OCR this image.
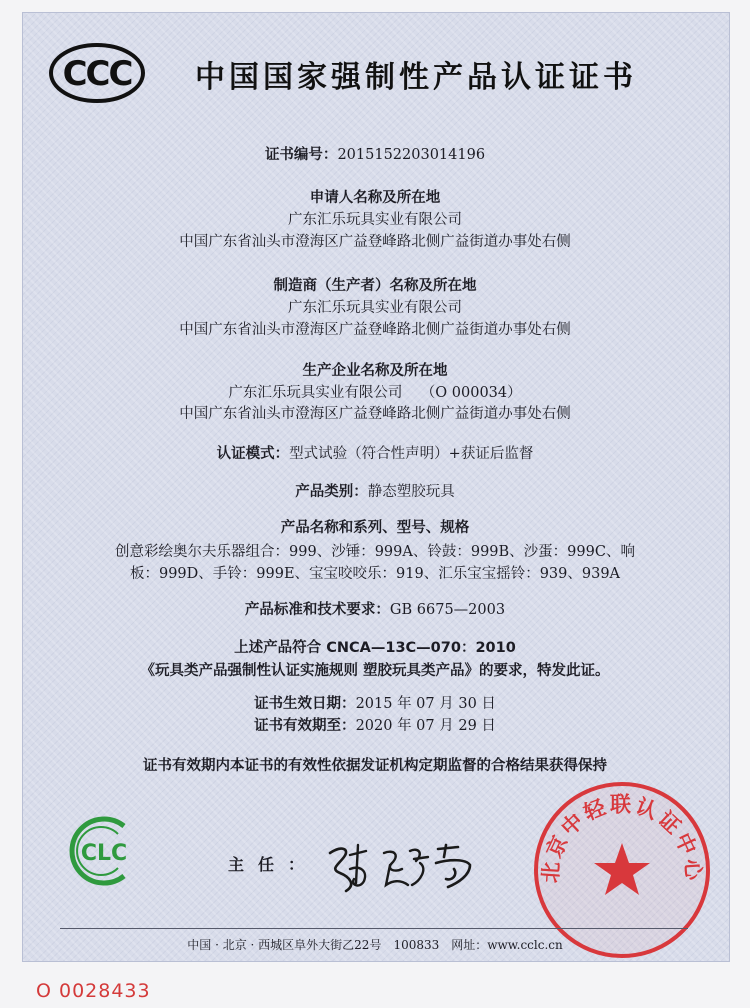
CCC 中国国家强制性产品认证证书
证书编号：2015152203014196
申请人名称及所在地
广东汇乐玩具实业有限公司
中国广东省汕头市澄海区广益登峰路北侧广益街道办事处右侧
制造商（生产者）名称及所在地
广东汇乐玩具实业有限公司
中国广东省汕头市澄海区广益登峰路北侧广益街道办事处右侧
生产企业名称及所在地
广东汇乐玩具实业有限公司 （O 000034）
中国广东省汕头市澄海区广益登峰路北侧广益街道办事处右侧
认证模式：型式试验（符合性声明）+获证后监督
产品类别：静态塑胶玩具
产品名称和系列、型号、规格
创意彩绘奥尔夫乐器组合：999、沙锤：999A、铃鼓：999B、沙蛋：999C、响
板：999D、手铃：999E、宝宝咬咬乐：919、汇乐宝宝摇铃：939、939A
产品标准和技术要求：GB 6675—2003
上述产品符合 CNCA—13C—070：2010
《玩具类产品强制性认证实施规则 塑胶玩具类产品》的要求，特发此证。
证书生效日期：2015 年 07 月 30 日
证书有效期至：2020 年 07 月 29 日
证书有效期内本证书的有效性依据发证机构定期监督的合格结果获得保持
CLC	主任：	北京中轻联认证中心
中国 · 北京 · 西城区阜外大街乙22号　100833　网址：www.cclc.cn
O 0028433
